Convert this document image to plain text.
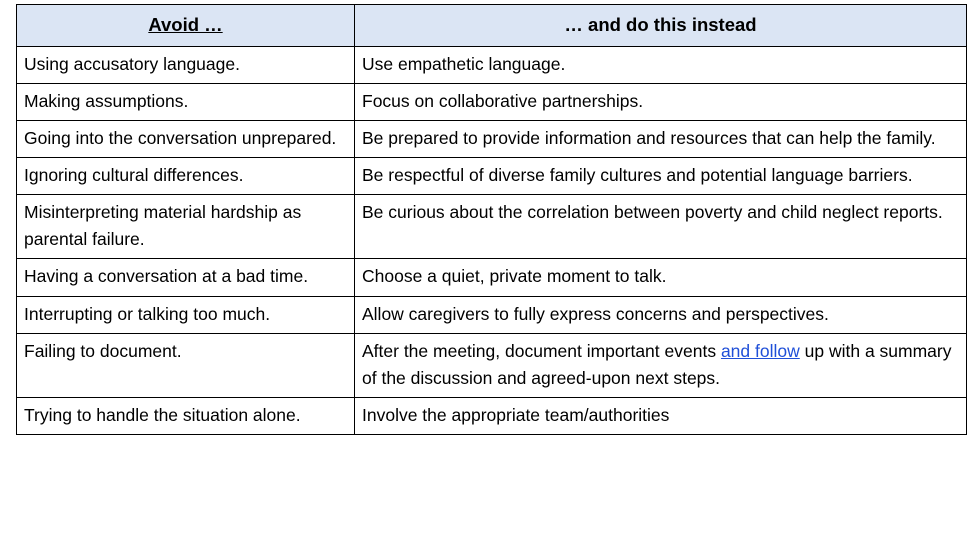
Avoid …	… and do this instead
Using accusatory language.	Use empathetic language.
Making assumptions.	Focus on collaborative partnerships.
Going into the conversation unprepared.	Be prepared to provide information and resources that can help the family.
Ignoring cultural differences.	Be respectful of diverse family cultures and potential language barriers.
Misinterpreting material hardship as parental failure.	Be curious about the correlation between poverty and child neglect reports.
Having a conversation at a bad time.	Choose a quiet, private moment to talk.
Interrupting or talking too much.	Allow caregivers to fully express concerns and perspectives.
Failing to document.	After the meeting, document important events and follow up with a summary of the discussion and agreed-upon next steps.
Trying to handle the situation alone.	Involve the appropriate team/authorities
